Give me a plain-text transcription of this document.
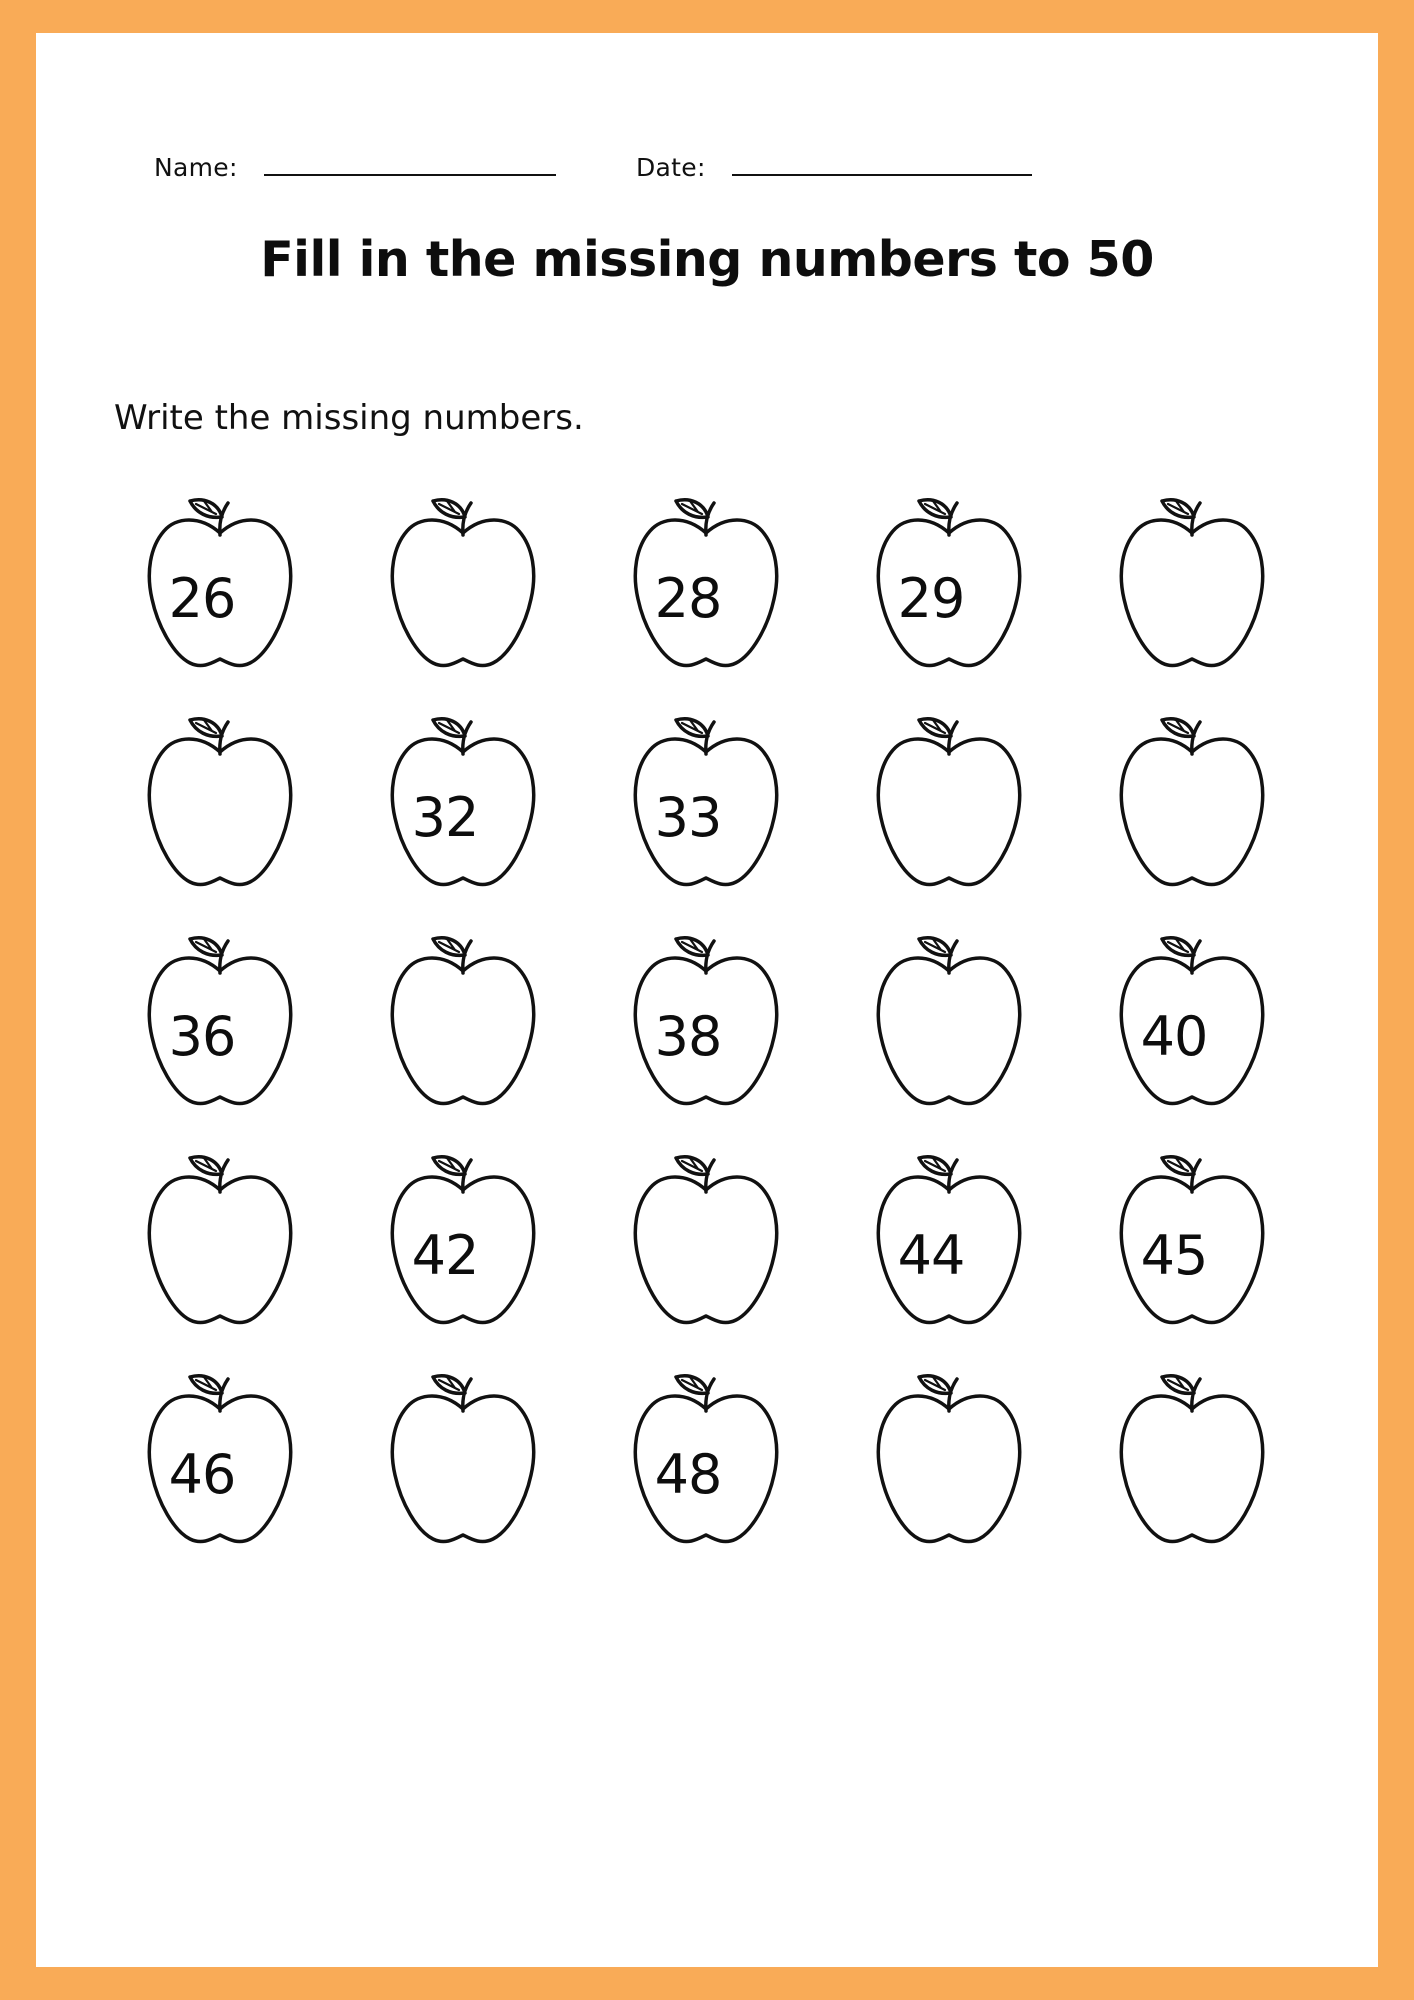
Name:	Date:
Fill in the missing numbers to 50
Write the missing numbers.
26	28	29
32	33
36	38	40
42	44	45
46	48
